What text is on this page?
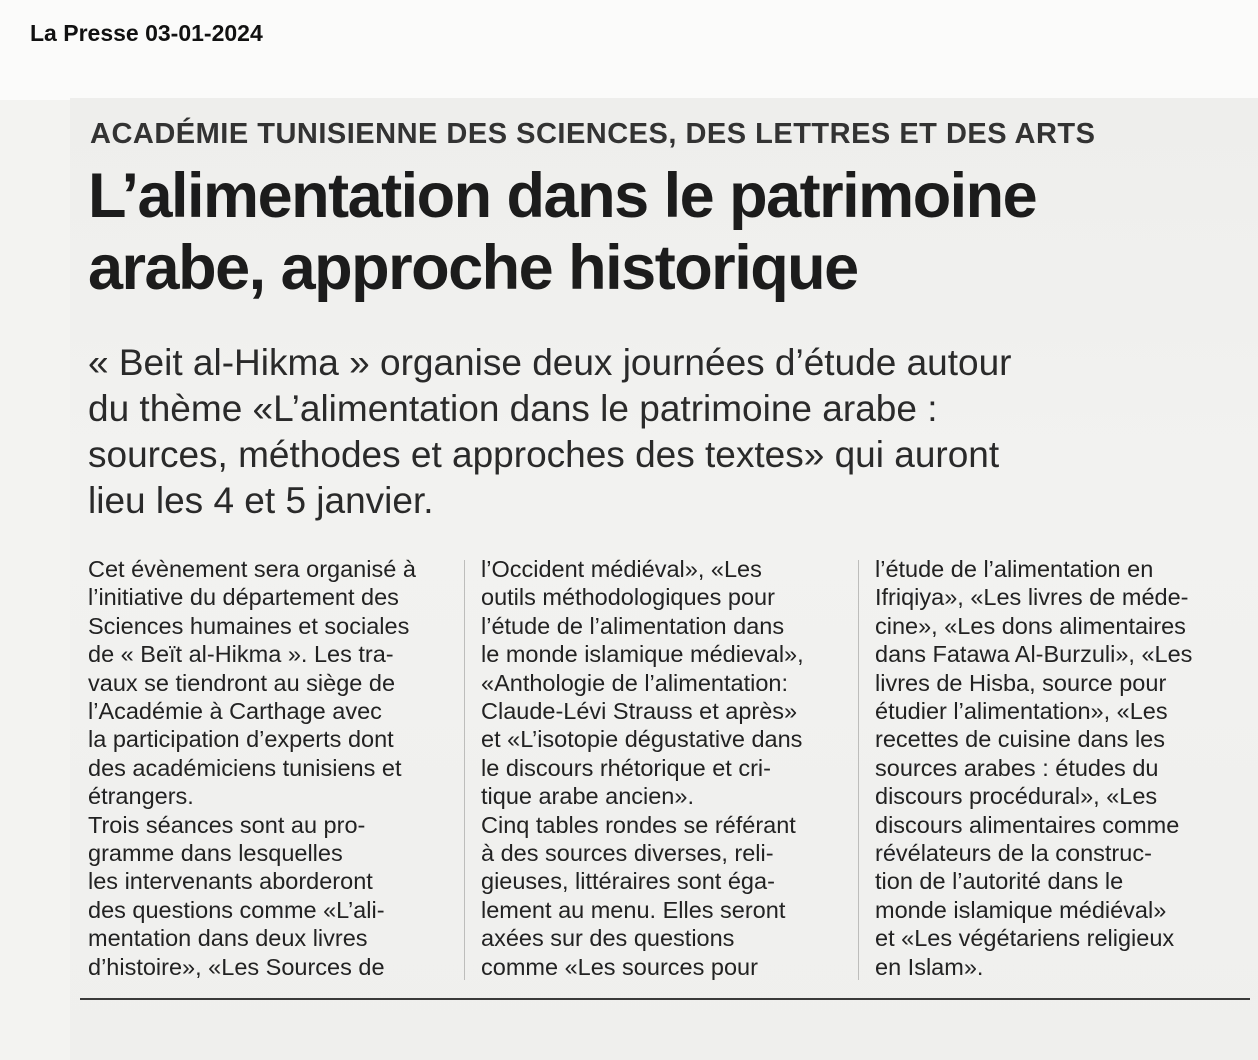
La Presse 03-01-2024
ACADÉMIE TUNISIENNE DES SCIENCES, DES LETTRES ET DES ARTS
L’alimentation dans le patrimoine
arabe, approche historique
« Beit al-Hikma » organise deux journées d’étude autour
du thème «L’alimentation dans le patrimoine arabe :
sources, méthodes et approches des textes» qui auront
lieu les 4 et 5 janvier.
Cet évènement sera organisé à
l’initiative du département des
Sciences humaines et sociales
de « Beït al-Hikma ». Les tra-
vaux se tiendront au siège de
l’Académie à Carthage avec
la participation d’experts dont
des académiciens tunisiens et
étrangers.
Trois séances sont au pro-
gramme dans lesquelles
les intervenants aborderont
des questions comme «L’ali-
mentation dans deux livres
d’histoire», «Les Sources de
l’Occident médiéval», «Les
outils méthodologiques pour
l’étude de l’alimentation dans
le monde islamique médieval»,
«Anthologie de l’alimentation:
Claude-Lévi Strauss et après»
et «L’isotopie dégustative dans
le discours rhétorique et cri-
tique arabe ancien».
Cinq tables rondes se référant
à des sources diverses, reli-
gieuses, littéraires sont éga-
lement au menu. Elles seront
axées sur des questions
comme «Les sources pour
l’étude de l’alimentation en
Ifriqiya», «Les livres de méde-
cine», «Les dons alimentaires
dans Fatawa Al-Burzuli», «Les
livres de Hisba, source pour
étudier l’alimentation», «Les
recettes de cuisine dans les
sources arabes : études du
discours procédural», «Les
discours alimentaires comme
révélateurs de la construc-
tion de l’autorité dans le
monde islamique médiéval»
et «Les végétariens religieux
en Islam».
